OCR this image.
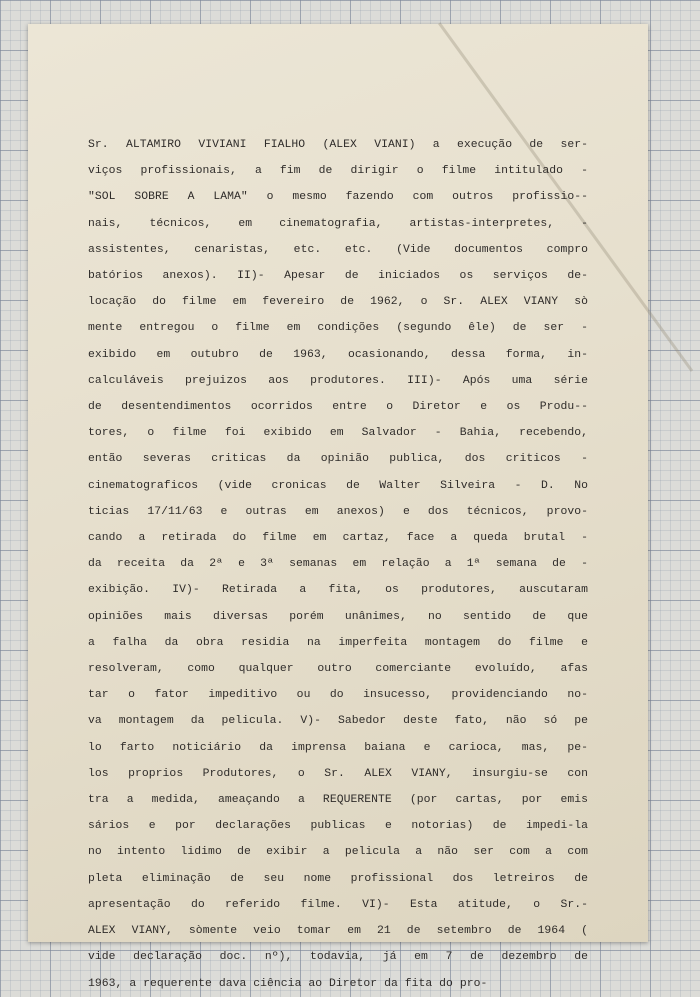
Sr. ALTAMIRO VIVIANI FIALHO (ALEX VIANI) a execução de ser-
viços profissionais, a fim de dirigir o filme intitulado -
"SOL SOBRE A LAMA" o mesmo fazendo com outros profissio--
nais, técnicos, em cinematografia, artistas-interpretes, -
assistentes, cenaristas, etc. etc. (Vide documentos compro
batórios anexos). II)- Apesar de iniciados os serviços de-
locação do filme em fevereiro de 1962, o Sr. ALEX VIANY sò
mente entregou o filme em condições (segundo êle) de ser -
exibido em outubro de 1963, ocasionando, dessa forma, in-
calculáveis prejuizos aos produtores. III)- Após uma série
de desentendimentos ocorridos entre o Diretor e os Produ--
tores, o filme foi exibido em Salvador - Bahia, recebendo,
então severas criticas da opinião publica, dos criticos -
cinematograficos (vide cronicas de Walter Silveira - D. No
ticias 17/11/63 e outras em anexos) e dos técnicos, provo-
cando a retirada do filme em cartaz, face a queda brutal -
da receita da 2ª e 3ª semanas em relação a 1ª semana de -
exibição. IV)- Retirada a fita, os produtores, auscutaram
opiniões mais diversas porém unânimes, no sentido de que
a falha da obra residia na imperfeita montagem do filme e
resolveram, como qualquer outro comerciante evoluído, afas
tar o fator impeditivo ou do insucesso, providenciando no-
va montagem da pelicula. V)- Sabedor deste fato, não só pe
lo farto noticiário da imprensa baiana e carioca, mas, pe-
los proprios Produtores, o Sr. ALEX VIANY, insurgiu-se con
tra a medida, ameaçando a REQUERENTE (por cartas, por emis
sários e por declarações publicas e notorias) de impedi-la
no intento lidimo de exibir a pelicula a não ser com a com
pleta eliminação de seu nome profissional dos letreiros de
apresentação do referido filme. VI)- Esta atitude, o Sr.-
ALEX VIANY, sòmente veio tomar em 21 de setembro de 1964 (
vide declaração doc. nº), todavia, já em 7 de dezembro de
1963, a requerente dava ciência ao Diretor da fita do pro-
